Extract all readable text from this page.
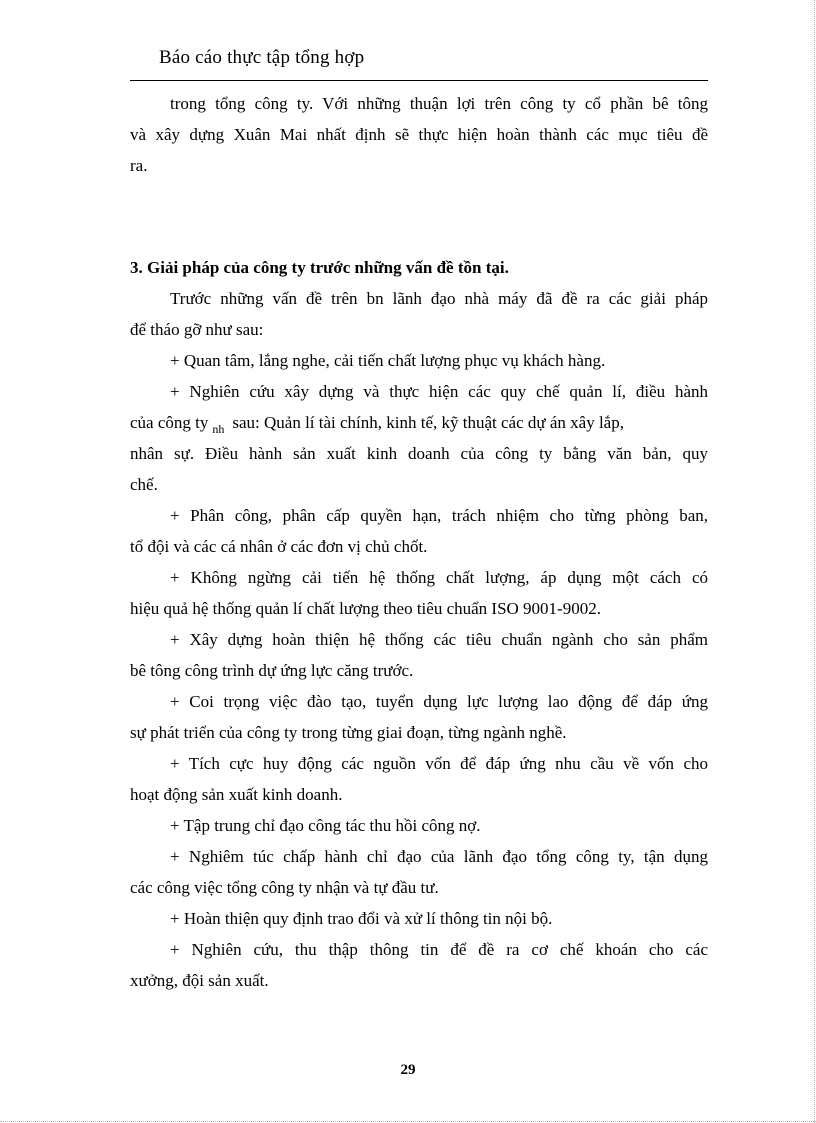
Báo cáo thực tập tổng hợp
trong tổng công ty. Với những thuận lợi trên công ty cổ phần bê tông
và xây dựng Xuân Mai nhất định sẽ thực hiện hoàn thành các mục tiêu đề
ra.
3. Giải pháp của công ty trước những vấn đề tồn tại.
Trước những vấn đề trên bn lãnh đạo nhà máy đã đề ra các giải pháp
để tháo gỡ như sau:
+ Quan tâm, lắng nghe, cải tiến chất lượng phục vụ khách hàng.
+ Nghiên cứu xây dựng và thực hiện các quy chế quản lí, điều hành
của công ty $_{nh}$ sau: Quản lí tài chính, kinh tế, kỹ thuật các dự án xây lắp,
nhân sự. Điều hành sản xuất kinh doanh của công ty bằng văn bản, quy
chế.
+ Phân công, phân cấp quyền hạn, trách nhiệm cho từng phòng ban,
tổ đội và các cá nhân ở các đơn vị chủ chốt.
+ Không ngừng cải tiến hệ thống chất lượng, áp dụng một cách có
hiệu quả hệ thống quản lí chất lượng theo tiêu chuẩn ISO 9001-9002.
+ Xây dựng hoàn thiện hệ thống các tiêu chuẩn ngành cho sản phẩm
bê tông công trình dự ứng lực căng trước.
+ Coi trọng việc đào tạo, tuyển dụng lực lượng lao động để đáp ứng
sự phát triển của công ty trong từng giai đoạn, từng ngành nghề.
+ Tích cực huy động các nguồn vốn để đáp ứng nhu cầu về vốn cho
hoạt động sản xuất kinh doanh.
+ Tập trung chỉ đạo công tác thu hồi công nợ.
+ Nghiêm túc chấp hành chỉ đạo của lãnh đạo tổng công ty, tận dụng
các công việc tổng công ty nhận và tự đầu tư.
+ Hoàn thiện quy định trao đổi và xử lí thông tin nội bộ.
+ Nghiên cứu, thu thập thông tin để đề ra cơ chế khoán cho các
xưởng, đội sản xuất.
29
